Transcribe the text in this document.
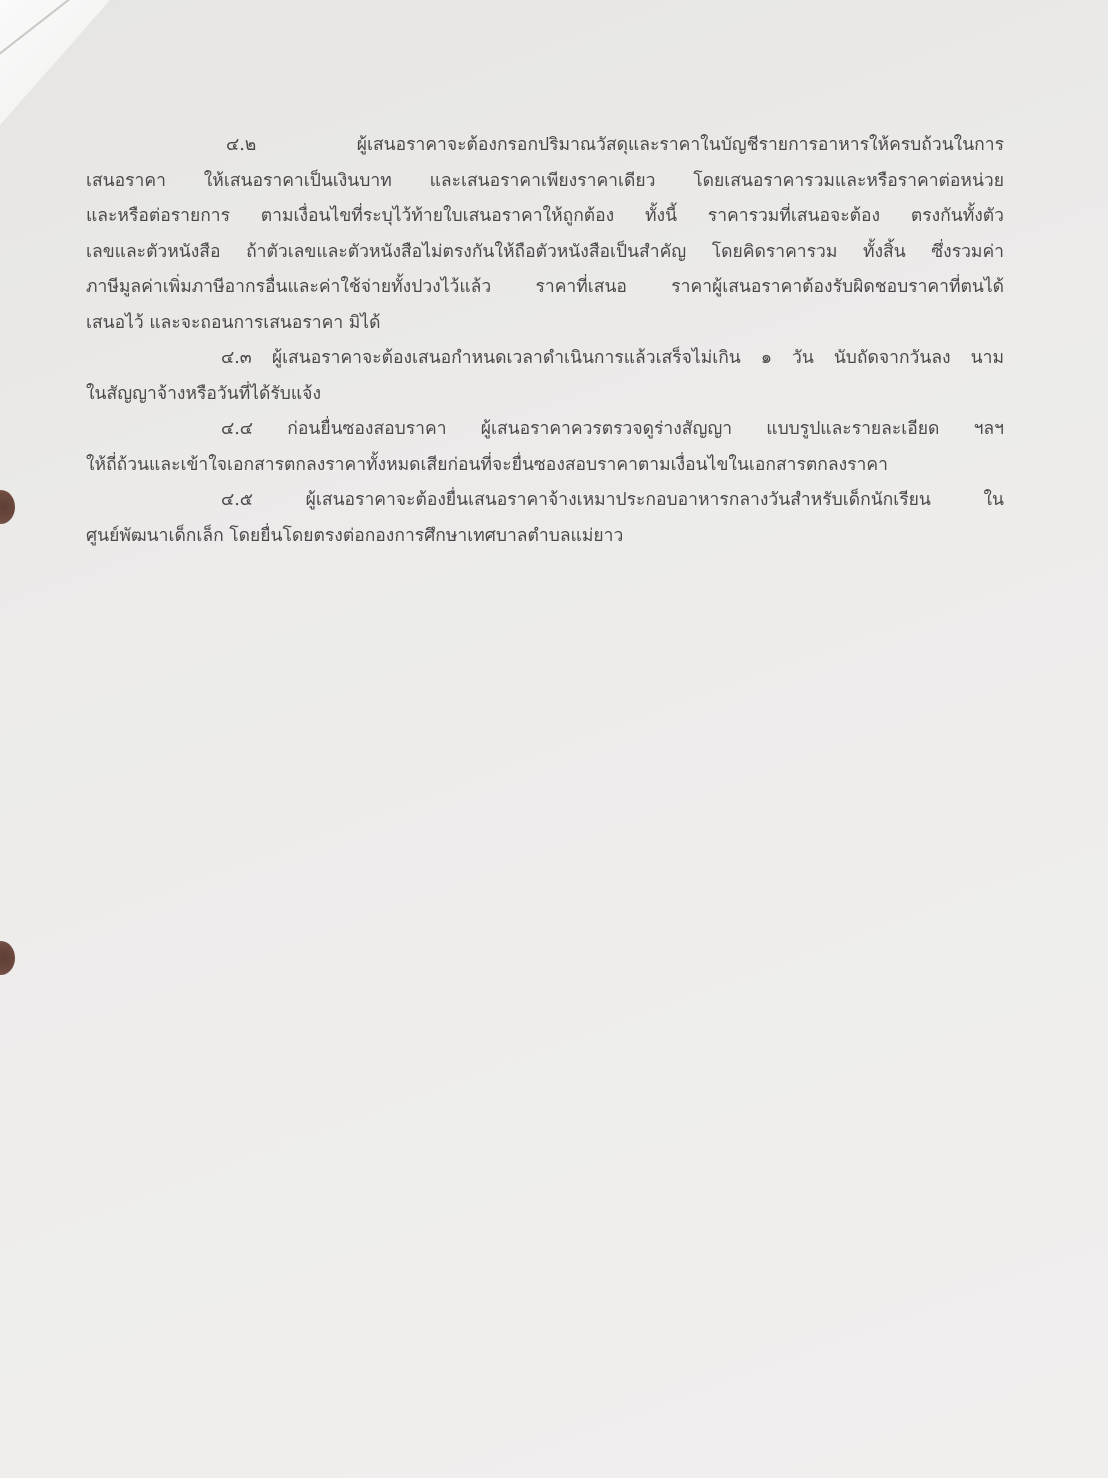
๔.๒ ผู้เสนอราคาจะต้องกรอกปริมาณวัสดุและราคาในบัญชีรายการอาหารให้ครบถ้วนในการ
เสนอราคา ให้เสนอราคาเป็นเงินบาท และเสนอราคาเพียงราคาเดียว โดยเสนอราคารวมและหรือราคาต่อหน่วย
และหรือต่อรายการ ตามเงื่อนไขที่ระบุไว้ท้ายใบเสนอราคาให้ถูกต้อง ทั้งนี้ ราคารวมที่เสนอจะต้อง ตรงกันทั้งตัว
เลขและตัวหนังสือ ถ้าตัวเลขและตัวหนังสือไม่ตรงกันให้ถือตัวหนังสือเป็นสำคัญ โดยคิดราคารวม ทั้งสิ้น ซึ่งรวมค่า
ภาษีมูลค่าเพิ่มภาษีอากรอื่นและค่าใช้จ่ายทั้งปวงไว้แล้ว ราคาที่เสนอ ราคาผู้เสนอราคาต้องรับผิดชอบราคาที่ตนได้
เสนอไว้ และจะถอนการเสนอราคา มิได้
๔.๓ ผู้เสนอราคาจะต้องเสนอกำหนดเวลาดำเนินการแล้วเสร็จไม่เกิน ๑ วัน นับถัดจากวันลง นาม
ในสัญญาจ้างหรือวันที่ได้รับแจ้ง
๔.๔ ก่อนยื่นซองสอบราคา ผู้เสนอราคาควรตรวจดูร่างสัญญา แบบรูปและรายละเอียด ฯลฯ
ให้ถี่ถ้วนและเข้าใจเอกสารตกลงราคาทั้งหมดเสียก่อนที่จะยื่นซองสอบราคาตามเงื่อนไขในเอกสารตกลงราคา
๔.๕ ผู้เสนอราคาจะต้องยื่นเสนอราคาจ้างเหมาประกอบอาหารกลางวันสำหรับเด็กนักเรียน ใน
ศูนย์พัฒนาเด็กเล็ก โดยยื่นโดยตรงต่อกองการศึกษาเทศบาลตำบลแม่ยาว
